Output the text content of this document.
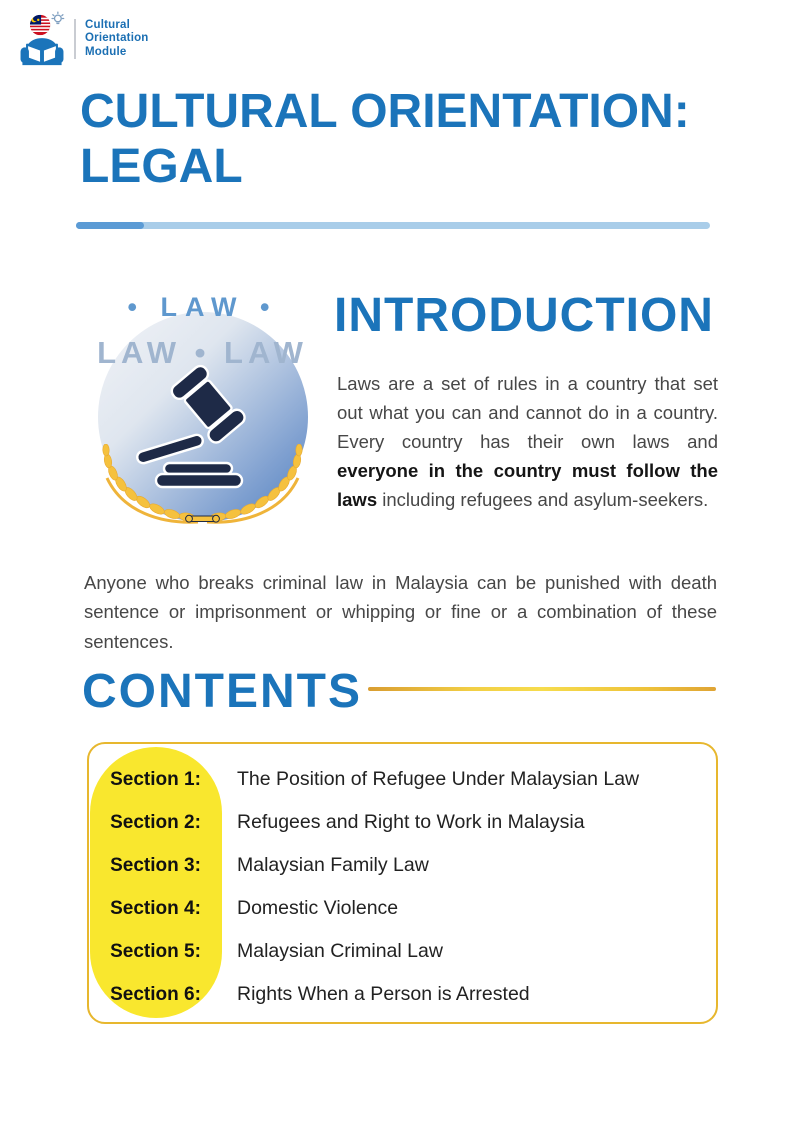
Cultural
Orientation
Module
CULTURAL ORIENTATION:
LEGAL
LAW • LAW
• LAW •	INTRODUCTION

Laws are a set of rules in a country that set out what you can and cannot do in a country. Every country has their own laws and everyone in the country must follow the laws including refugees and asylum-seekers.

Anyone who breaks criminal law in Malaysia can be punished with death sentence or imprisonment or whipping or fine or a combination of these sentences.

CONTENTS
Section 1:	The Position of Refugee Under Malaysian Law
Section 2:	Refugees and Right to Work in Malaysia
Section 3:	Malaysian Family Law
Section 4:	Domestic Violence
Section 5:	Malaysian Criminal Law
Section 6:	Rights When a Person is Arrested
